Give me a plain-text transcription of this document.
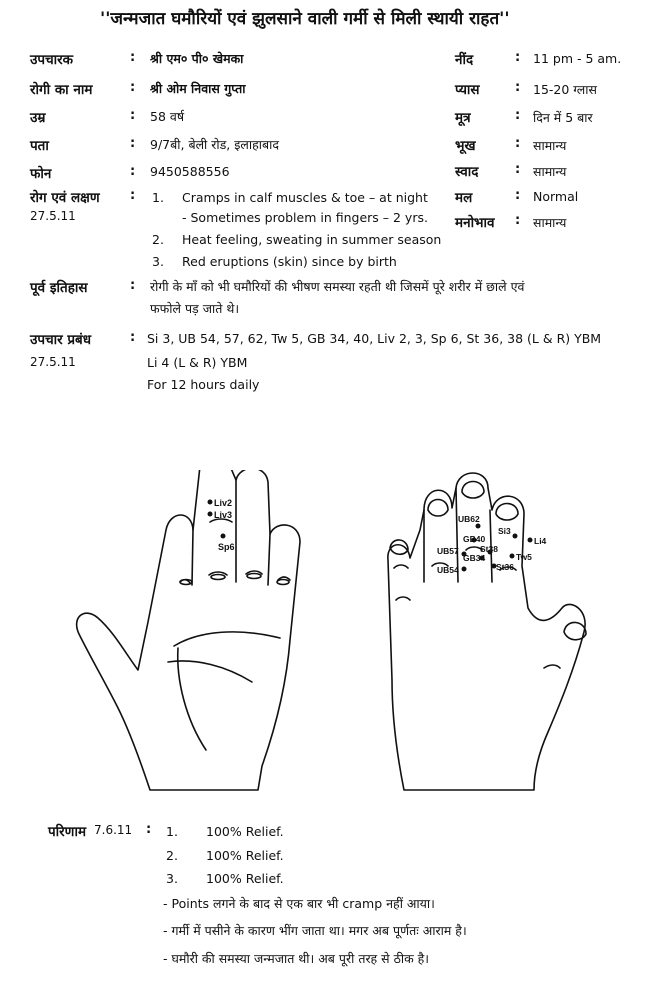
''जन्मजात घमौरियों एवं झुलसाने वाली गर्मी से मिली स्थायी राहत''
उपचारक	: श्री एम० पी० खेमका
रोगी का नाम	: श्री ओम निवास गुप्ता
उम्र	: 58 वर्ष
पता	: 9/7बी, बेली रोड, इलाहाबाद
फोन	: 9450588556
नींद	: 11 pm - 5 am.
प्यास	: 15-20 ग्लास
मूत्र	: दिन में 5 बार
भूख	: सामान्य
स्वाद	: सामान्य
मल	: Normal
मनोभाव : सामान्य
रोग एवं लक्षण
27.5.11
: 1. Cramps in calf muscles & toe – at night
- Sometimes problem in fingers – 2 yrs.
2. Heat feeling, sweating in summer season
3. Red eruptions (skin) since by birth
पूर्व इतिहास	: रोगी के माँ को भी घमौरियों की भीषण समस्या रहती थी जिसमें पूरे शरीर में छाले एवं
फफोले पड़ जाते थे।
उपचार प्रबंध
27.5.11
: Si 3, UB 54, 57, 62, Tw 5, GB 34, 40, Liv 2, 3, Sp 6, St 36, 38 (L & R) YBM
Li 4 (L & R) YBM
For 12 hours daily
Liv2
Liv3
Sp6
UB62
Si3
Li4
GB40
UB57	St38
Tw5
GB34
UB54	St36
परिणाम 7.6.11 : 1. 100% Relief.
2. 100% Relief.
3. 100% Relief.
- Points लगने के बाद से एक बार भी cramp नहीं आया।
- गर्मी में पसीने के कारण भींग जाता था। मगर अब पूर्णतः आराम है।
- घमौरी की समस्या जन्मजात थी। अब पूरी तरह से ठीक है।
